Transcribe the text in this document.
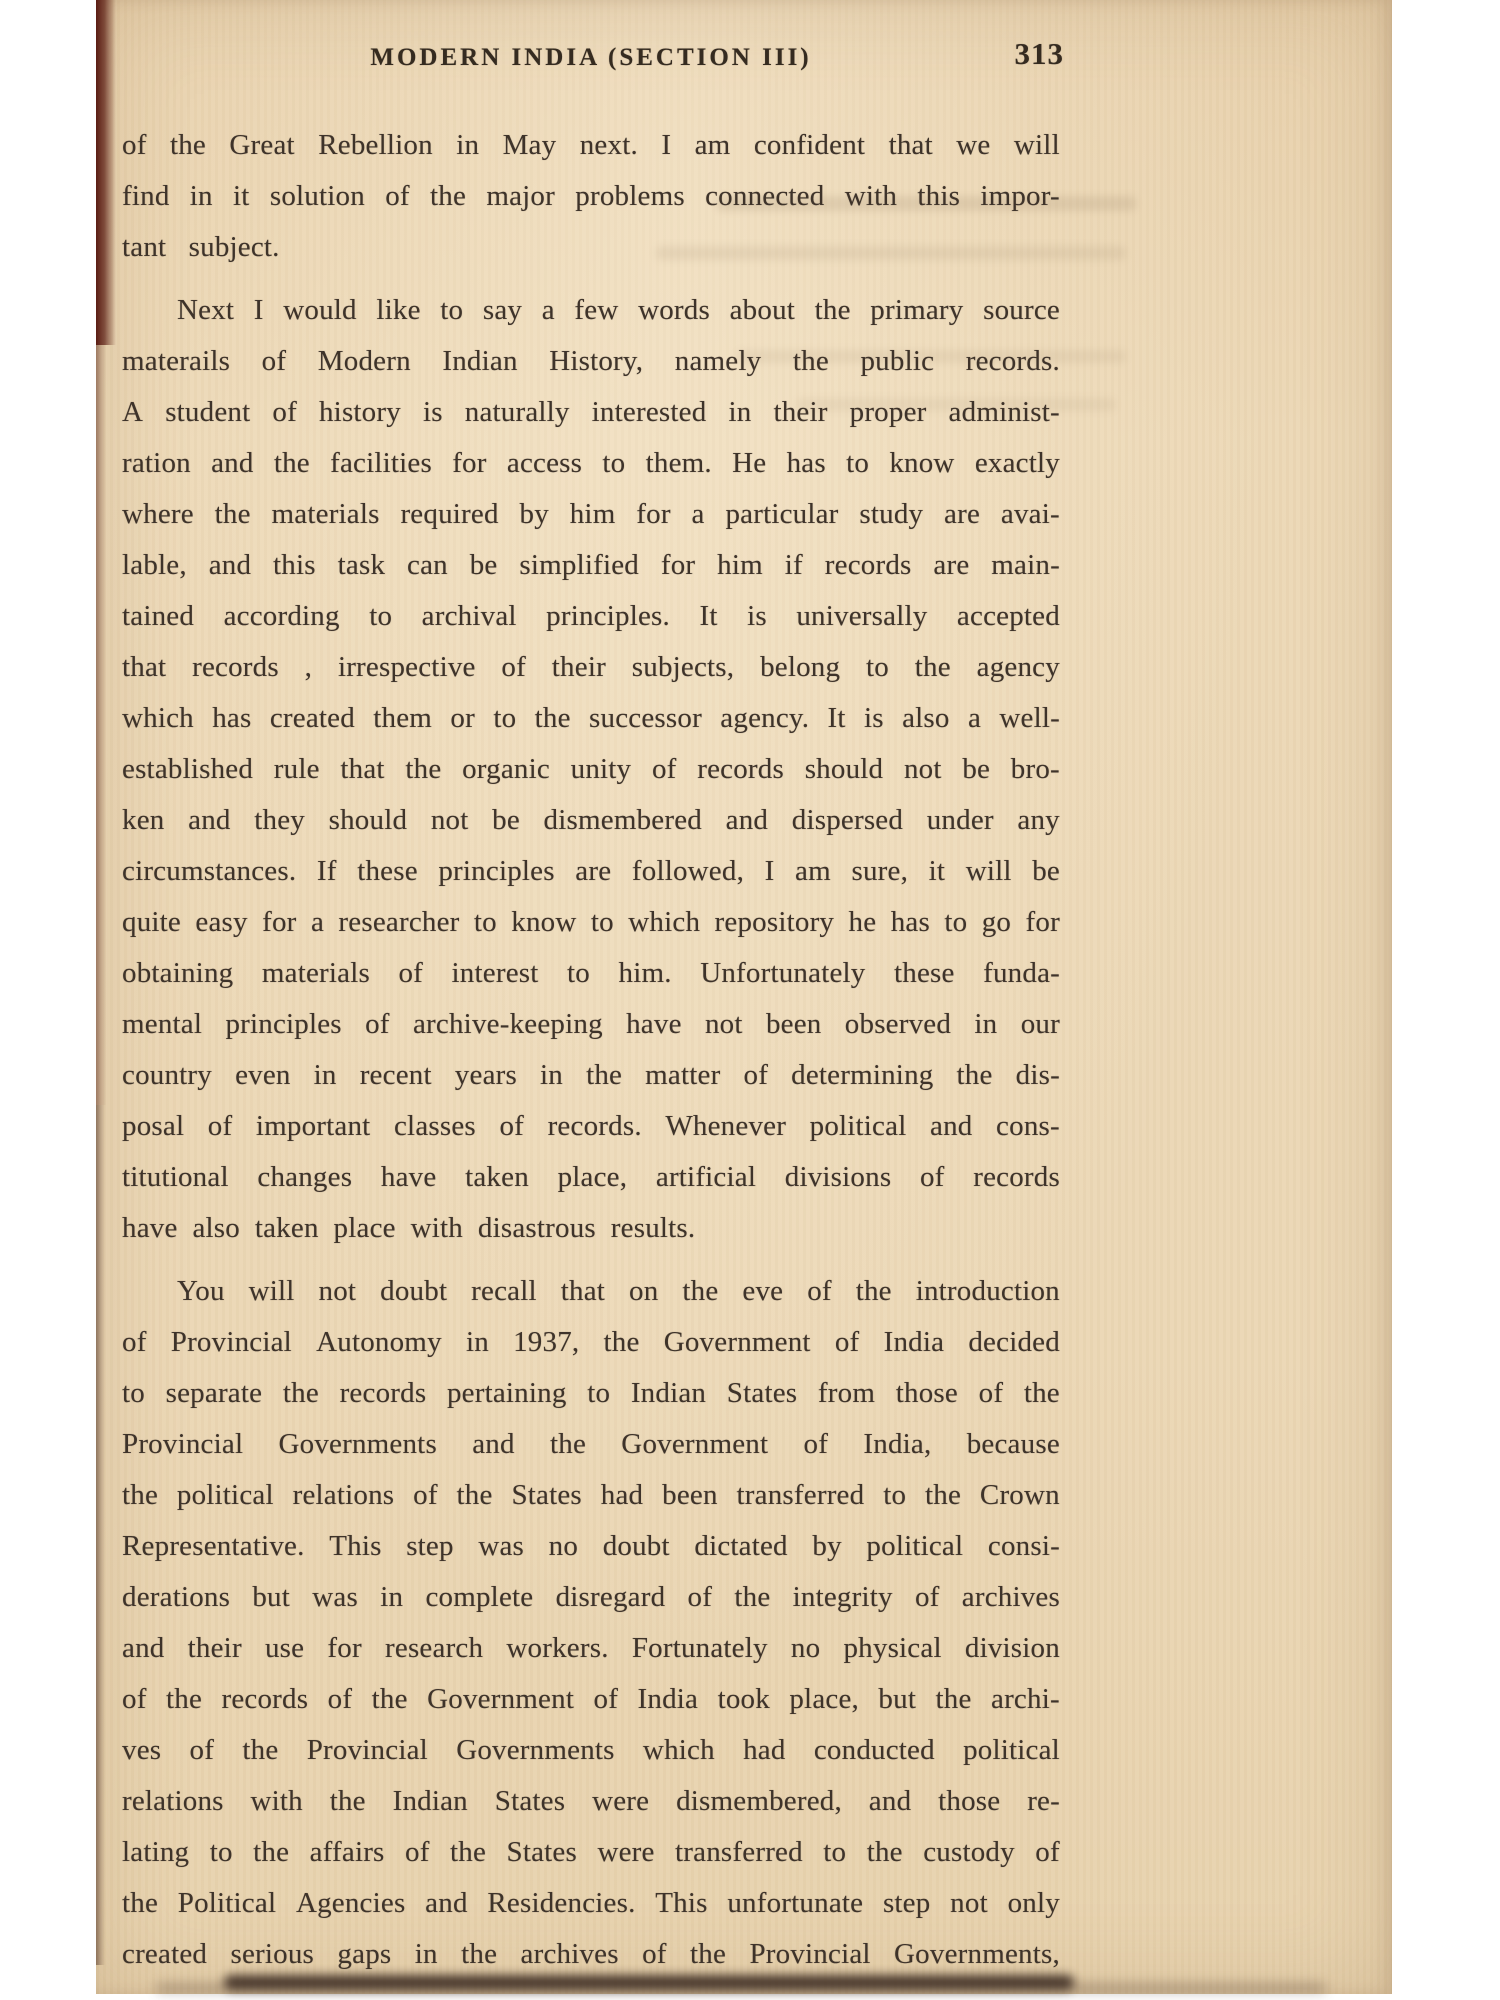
MODERN INDIA (SECTION III)	313
of the Great Rebellion in May next. I am confident that we will
find in it solution of the major problems connected with this impor-
tant   subject.
Next I would like to say a few words about the primary source
materails of Modern Indian History, namely the public records.
A student of history is naturally interested in their proper administ-
ration and the facilities for access to them. He has to know exactly
where the materials required by him for a particular study are avai-
lable, and this task can be simplified for him if records are main-
tained according to archival principles. It is universally accepted
that records , irrespective of their subjects, belong to the agency
which has created them or to the successor agency. It is also a well-
established rule that the organic unity of records should not be bro-
ken and they should not be dismembered and dispersed under any
circumstances. If these principles are followed, I am sure, it will be
quite easy for a researcher to know to which repository he has to go for
obtaining materials of interest to him. Unfortunately these funda-
mental principles of archive-keeping have not been observed in our
country even in recent years in the matter of determining the dis-
posal of important classes of records. Whenever political and cons-
titutional changes have taken place, artificial divisions of records
have  also  taken  place  with  disastrous  results.
You will not doubt recall that on the eve of the introduction
of Provincial Autonomy in 1937, the Government of India decided
to separate the records pertaining to Indian States from those of the
Provincial Governments and the Government of India, because
the political relations of the States had been transferred to the Crown
Representative. This step was no doubt dictated by political consi-
derations but was in complete disregard of the integrity of archives
and their use for research workers. Fortunately no physical division
of the records of the Government of India took place, but the archi-
ves of the Provincial Governments which had conducted political
relations with the Indian States were dismembered, and those re-
lating to the affairs of the States were transferred to the custody of
the Political Agencies and Residencies. This unfortunate step not only
created serious gaps in the archives of the Provincial Governments,
